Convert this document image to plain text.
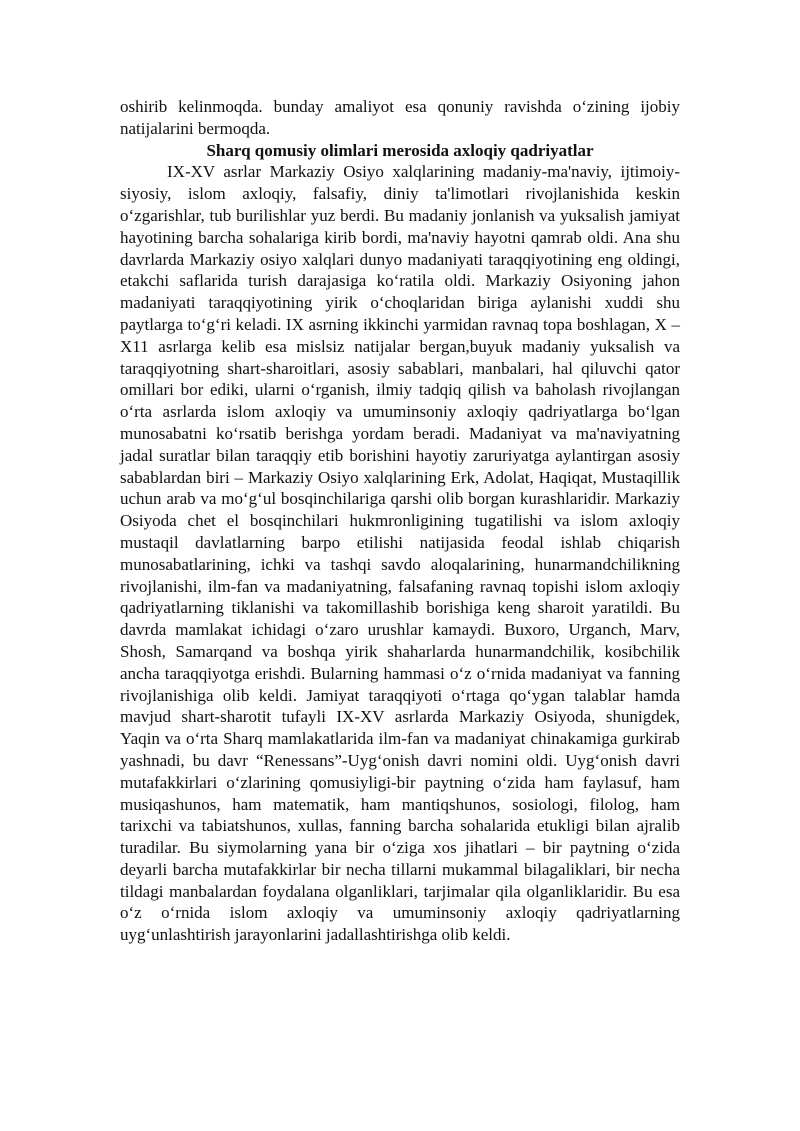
oshirib kelinmoqda. bunday amaliyot esa qonuniy ravishda o‘zining ijobiy natijalarini bermoqda.

Sharq qomusiy olimlari merosida axloqiy qadriyatlar

IX-XV asrlar Markaziy Osiyo xalqlarining madaniy-ma'naviy, ijtimoiy-siyosiy, islom axloqiy, falsafiy, diniy ta'limotlari rivojlanishida keskin o‘zgarishlar, tub burilishlar yuz berdi. Bu madaniy jonlanish va yuksalish jamiyat hayotining barcha sohalariga kirib bordi, ma'naviy hayotni qamrab oldi. Ana shu davrlarda Markaziy osiyo xalqlari dunyo madaniyati taraqqiyotining eng oldingi, etakchi saflarida turish darajasiga ko‘ratila oldi. Markaziy Osiyoning jahon madaniyati taraqqiyotining yirik o‘choqlaridan biriga aylanishi xuddi shu paytlarga to‘g‘ri keladi. IX asrning ikkinchi yarmidan ravnaq topa boshlagan, X –X11 asrlarga kelib esa mislsiz natijalar bergan,buyuk madaniy yuksalish va taraqqiyotning shart-sharoitlari, asosiy sabablari, manbalari, hal qiluvchi qator omillari bor ediki, ularni o‘rganish, ilmiy tadqiq qilish va baholash rivojlangan o‘rta asrlarda islom axloqiy va umuminsoniy axloqiy qadriyatlarga bo‘lgan munosabatni ko‘rsatib berishga yordam beradi. Madaniyat va ma'naviyatning jadal suratlar bilan taraqqiy etib borishini hayotiy zaruriyatga aylantirgan asosiy sabablardan biri – Markaziy Osiyo xalqlarining Erk, Adolat, Haqiqat, Mustaqillik uchun arab va mo‘g‘ul bosqinchilariga qarshi olib borgan kurashlaridir. Markaziy Osiyoda chet el bosqinchilari hukmronligining tugatilishi va islom axloqiy mustaqil davlatlarning barpo etilishi natijasida feodal ishlab chiqarish munosabatlarining, ichki va tashqi savdo aloqalarining, hunarmandchilikning rivojlanishi, ilm-fan va madaniyatning, falsafaning ravnaq topishi islom axloqiy qadriyatlarning tiklanishi va takomillashib borishiga keng sharoit yaratildi. Bu davrda mamlakat ichidagi o‘zaro urushlar kamaydi. Buxoro, Urganch, Marv, Shosh, Samarqand va boshqa yirik shaharlarda hunarmandchilik, kosibchilik ancha taraqqiyotga erishdi. Bularning hammasi o‘z o‘rnida madaniyat va fanning rivojlanishiga olib keldi. Jamiyat taraqqiyoti o‘rtaga qo‘ygan talablar hamda mavjud shart-sharotit tufayli IX-XV asrlarda Markaziy Osiyoda, shunigdek, Yaqin va o‘rta Sharq mamlakatlarida ilm-fan va madaniyat chinakamiga gurkirab yashnadi, bu davr “Renessans”-Uyg‘onish davri nomini oldi. Uyg‘onish davri mutafakkirlari o‘zlarining qomusiyligi-bir paytning o‘zida ham faylasuf, ham musiqashunos, ham matematik, ham mantiqshunos, sosiologi, filolog, ham tarixchi va tabiatshunos, xullas, fanning barcha sohalarida etukligi bilan ajralib turadilar. Bu siymolarning yana bir o‘ziga xos jihatlari – bir paytning o‘zida deyarli barcha mutafakkirlar bir necha tillarni mukammal bilagaliklari, bir necha tildagi manbalardan foydalana olganliklari, tarjimalar qila olganliklaridir. Bu esa o‘z o‘rnida islom axloqiy va umuminsoniy axloqiy qadriyatlarning uyg‘unlashtirish jarayonlarini jadallashtirishga olib keldi.
